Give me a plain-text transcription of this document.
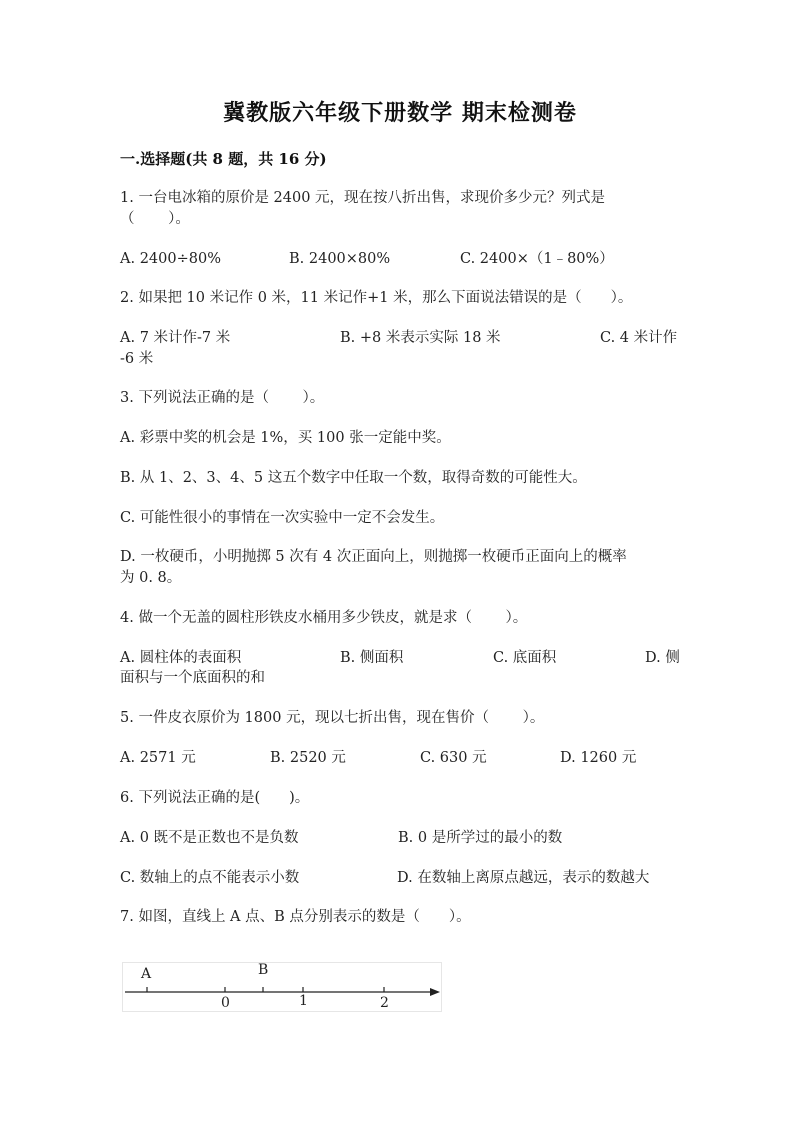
冀教版六年级下册数学 期末检测卷
一.选择题(共 8 题，共 16 分)
1. 一台电冰箱的原价是 2400 元，现在按八折出售，求现价多少元？列式是
（　　 ）。
A. 2400÷80%	B. 2400×80%	C. 2400×（1﹣80%）
2. 如果把 10 米记作 0 米，11 米记作+1 米，那么下面说法错误的是（　　）。
A. 7 米计作-7 米	B. +8 米表示实际 18 米	C. 4 米计作
-6 米
3. 下列说法正确的是（　　 ）。
A. 彩票中奖的机会是 1%，买 100 张一定能中奖。
B. 从 1、2、3、4、5 这五个数字中任取一个数，取得奇数的可能性大。
C. 可能性很小的事情在一次实验中一定不会发生。
D. 一枚硬币，小明抛掷 5 次有 4 次正面向上，则抛掷一枚硬币正面向上的概率
为 0. 8。
4. 做一个无盖的圆柱形铁皮水桶用多少铁皮，就是求（　　 ）。
A. 圆柱体的表面积	B. 侧面积	C. 底面积	D. 侧
面积与一个底面积的和
5. 一件皮衣原价为 1800 元，现以七折出售，现在售价（　　 ）。
A. 2571 元	B. 2520 元	C. 630 元	D. 1260 元
6. 下列说法正确的是(　　)。
A. 0 既不是正数也不是负数	B. 0 是所学过的最小的数
C. 数轴上的点不能表示小数	D. 在数轴上离原点越远，表示的数越大
7. 如图，直线上 A 点、B 点分别表示的数是（　　）。
A	B
0	1	2
